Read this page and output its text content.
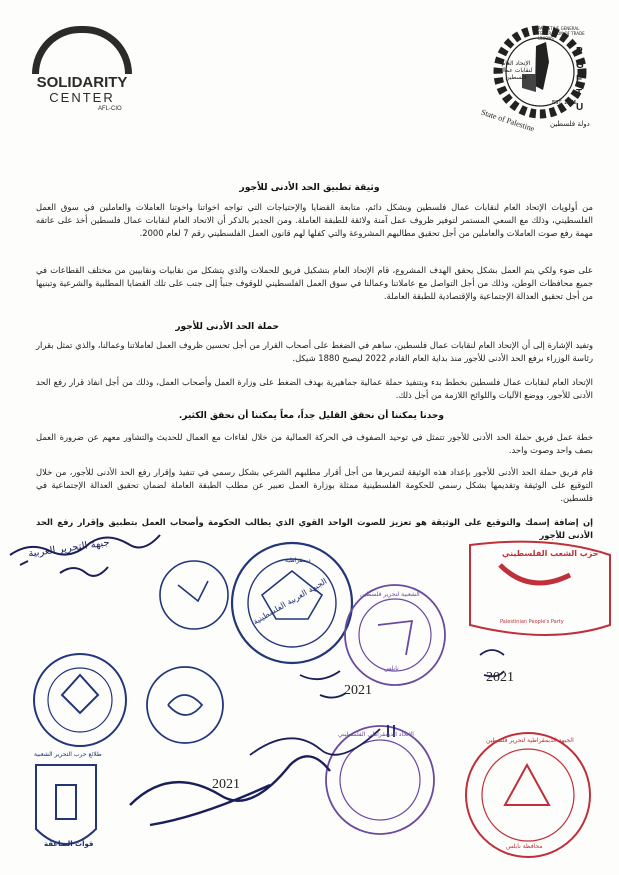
SOLIDARITY
CENTER
AFL-CIO
P
G
F
T
U
الإتحاد العام لنقابات عمال فلسطين
PALESTINE GENERAL FEDERATION OF TRADE UNIONS
State of Palestine دولة فلسطين
EST. 1965
وثيقة تطبيق الحد الأدنى للأجور
من أولويات الإتحاد العام لنقابات عمال فلسطين وبشكل دائم، متابعة القضايا والإحتياجات التي تواجه اخواتنا واخوتنا العاملات والعاملين في سوق العمل الفلسطيني، وذلك مع السعي المستمر لتوفير ظروف عمل آمنة ولائقة للطبقة العاملة. ومن الجدير بالذكر أن الاتحاد العام لنقابات عمال فلسطين أخذ على عاتقه مهمة رفع صوت العاملات والعاملين من أجل تحقيق مطالبهم المشروعة والتي كفلها لهم قانون العمل الفلسطيني رقم 7 لعام 2000.
على ضوء ولكي يتم العمل بشكل يحقق الهدف المشروع، قام الإتحاد العام بتشكيل فريق للحملات والذي يتشكل من نقابيات ونقابيين من مختلف القطاعات في جميع محافظات الوطن، وذلك من أجل التواصل مع عاملاتنا وعمالنا في سوق العمل الفلسطيني للوقوف جنباً إلى جنب على تلك القضايا المطلبية والشرعية وتبنيها من أجل تحقيق العدالة الإجتماعية والإقتصادية للطبقة العاملة.
حملة الحد الأدنى للأجور
وتفيد الإشارة إلى أن الإتحاد العام لنقابات عمال فلسطين، ساهم في الضغط على أصحاب القرار من أجل تحسين ظروف العمل لعاملاتنا وعمالنا، والذي تمثل بقرار رئاسة الوزراء برفع الحد الأدنى للأجور منذ بداية العام القادم 2022 ليصبح 1880 شيكل.
الإتحاد العام لنقابات عمال فلسطين بخطط بدء وبتنفيذ حملة عمالية جماهيرية بهدف الضغط على وزارة العمل وأصحاب العمل، وذلك من أجل انفاذ قرار رفع الحد الأدنى للأجور، ووضع الآليات واللوائح اللازمة من أجل ذلك.
وحدنا يمكننا أن نحقق القليل جداً، معاً يمكننا أن نحقق الكثير.
خطة عمل فريق حملة الحد الأدنى للأجور تتمثل في توحيد الصفوف في الحركة العمالية من خلال لقاءات مع العمال للحديث والتشاور معهم عن ضرورة العمل بصف واحد وصوت واحد.
قام فريق حملة الحد الأدنى للأجور بإعداد هذه الوثيقة لتمريرها من أجل أقرار مطلبهم الشرعي بشكل رسمي في تنفيذ وإقرار رفع الحد الأدنى للأجور، من خلال التوقيع على الوثيقة وتقديمها بشكل رسمي للحكومة الفلسطينية ممثلة بوزارة العمل تعبير عن مطلب الطبقة العاملة لضمان تحقيق العدالة الإجتماعية في فلسطين.
إن إضافة إسمك والتوقيع على الوثيقة هو تعزيز للصوت الواحد القوي الذي يطالب الحكومة وأصحاب العمل بتطبيق وإقرار رفع الحد الأدنى للأجور
2021
2021
2021
جبهة التحرير العربية
الجبهة العربية الفلسطينية
ديمقراطية
حزب الشعب الفلسطيني
Palestinian People's Party
الشعبية لتحرير فلسطين
نابلس
طلائع حرب التحرير الشعبية
قوات الصاعقة
الجبهة الديمقراطية لتحرير فلسطين
محافظة نابلس
الاتحاد الديمقراطي الفلسطيني
